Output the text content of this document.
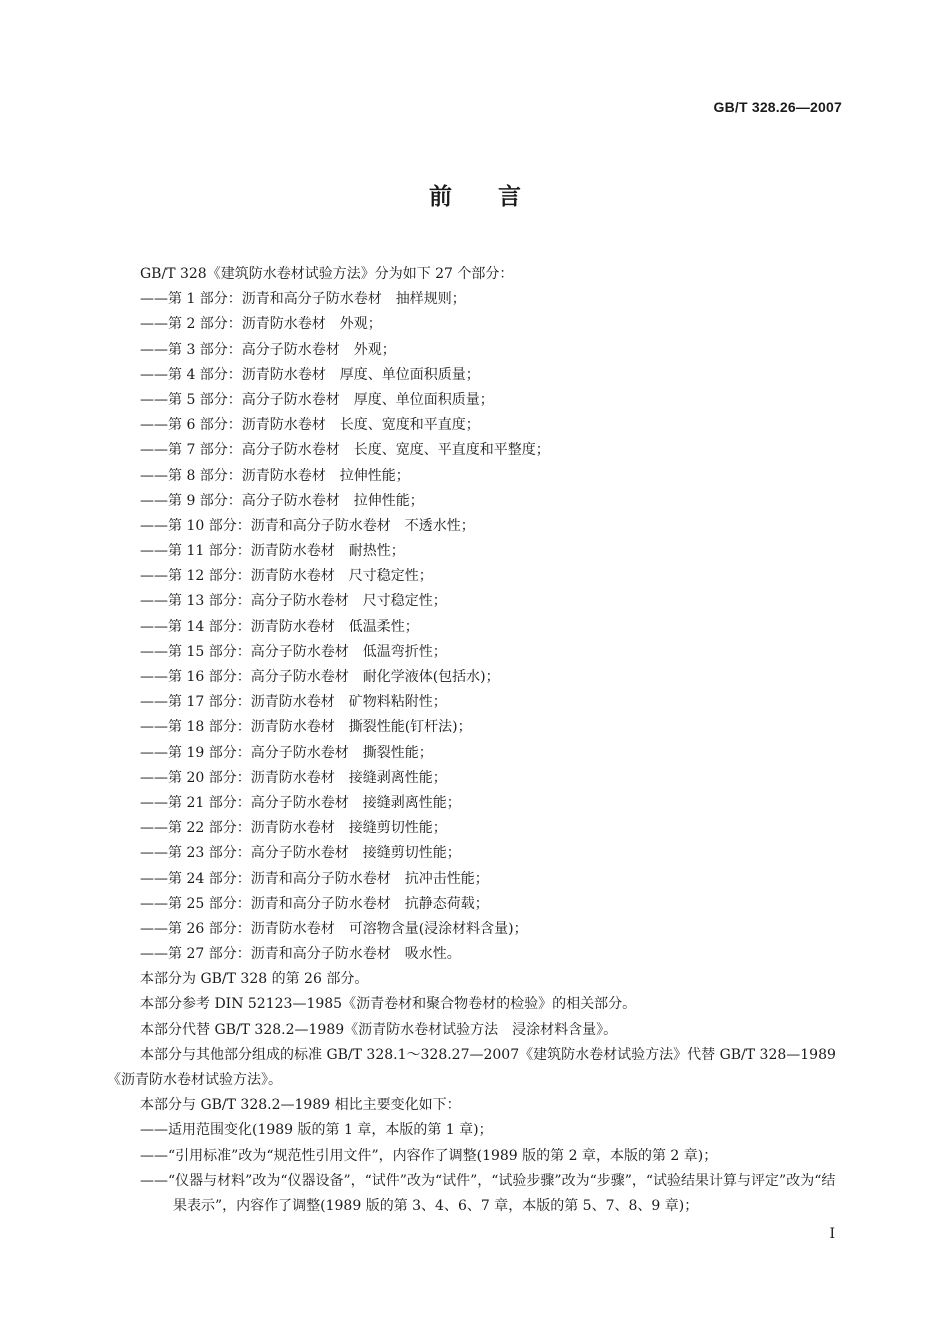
GB/T 328.26—2007
前 言
GB/T 328《建筑防水卷材试验方法》分为如下 27 个部分：
——第 1 部分：沥青和高分子防水卷材　抽样规则；
——第 2 部分：沥青防水卷材　外观；
——第 3 部分：高分子防水卷材　外观；
——第 4 部分：沥青防水卷材　厚度、单位面积质量；
——第 5 部分：高分子防水卷材　厚度、单位面积质量；
——第 6 部分：沥青防水卷材　长度、宽度和平直度；
——第 7 部分：高分子防水卷材　长度、宽度、平直度和平整度；
——第 8 部分：沥青防水卷材　拉伸性能；
——第 9 部分：高分子防水卷材　拉伸性能；
——第 10 部分：沥青和高分子防水卷材　不透水性；
——第 11 部分：沥青防水卷材　耐热性；
——第 12 部分：沥青防水卷材　尺寸稳定性；
——第 13 部分：高分子防水卷材　尺寸稳定性；
——第 14 部分：沥青防水卷材　低温柔性；
——第 15 部分：高分子防水卷材　低温弯折性；
——第 16 部分：高分子防水卷材　耐化学液体(包括水)；
——第 17 部分：沥青防水卷材　矿物料粘附性；
——第 18 部分：沥青防水卷材　撕裂性能(钉杆法)；
——第 19 部分：高分子防水卷材　撕裂性能；
——第 20 部分：沥青防水卷材　接缝剥离性能；
——第 21 部分：高分子防水卷材　接缝剥离性能；
——第 22 部分：沥青防水卷材　接缝剪切性能；
——第 23 部分：高分子防水卷材　接缝剪切性能；
——第 24 部分：沥青和高分子防水卷材　抗冲击性能；
——第 25 部分：沥青和高分子防水卷材　抗静态荷载；
——第 26 部分：沥青防水卷材　可溶物含量(浸涂材料含量)；
——第 27 部分：沥青和高分子防水卷材　吸水性。
本部分为 GB/T 328 的第 26 部分。
本部分参考 DIN 52123—1985《沥青卷材和聚合物卷材的检验》的相关部分。
本部分代替 GB/T 328.2—1989《沥青防水卷材试验方法　浸涂材料含量》。
本部分与其他部分组成的标准 GB/T 328.1～328.27—2007《建筑防水卷材试验方法》代替 GB/T 328—1989《沥青防水卷材试验方法》。
本部分与 GB/T 328.2—1989 相比主要变化如下：
——适用范围变化(1989 版的第 1 章，本版的第 1 章)；
——“引用标准”改为“规范性引用文件”，内容作了调整(1989 版的第 2 章，本版的第 2 章)；
——“仪器与材料”改为“仪器设备”，“试件”改为“试件”，“试验步骤”改为“步骤”，“试验结果计算与评定”改为“结果表示”，内容作了调整(1989 版的第 3、4、6、7 章，本版的第 5、7、8、9 章)；
I
